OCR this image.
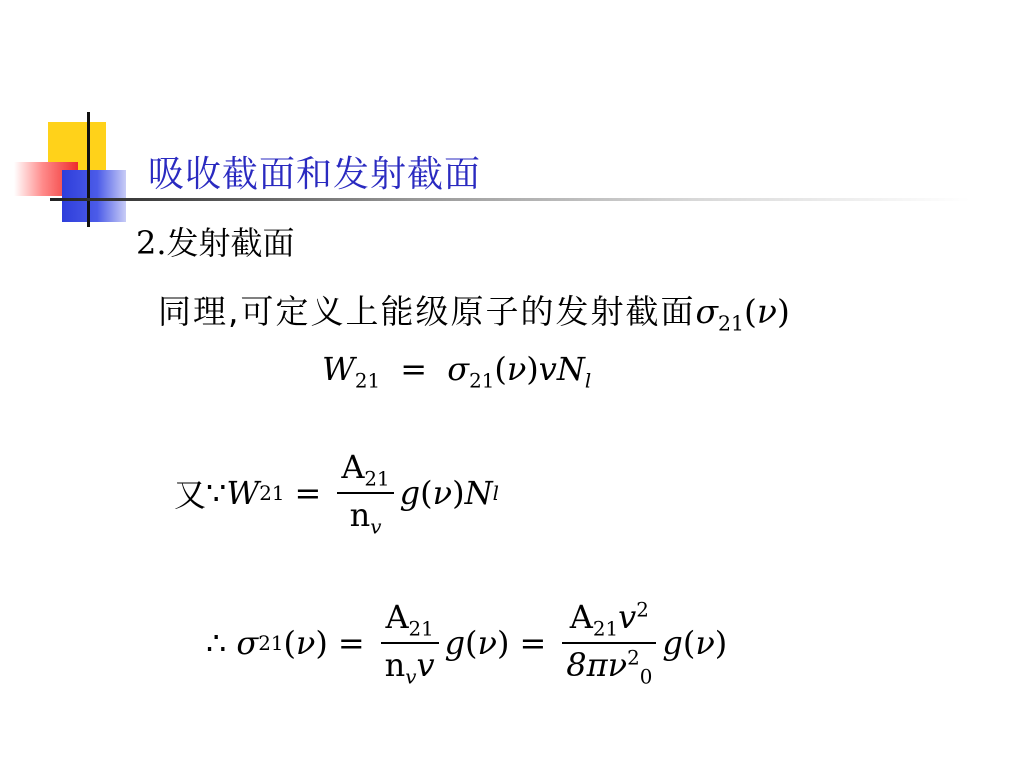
吸收截面和发射截面
2.发射截面
同理,可定义上能级原子的发射截面$\sigma_{21}(\nu)$
$W_{21} = \sigma_{21}(\nu)vN_l$
又 ∵ W $21 = \frac{A_{21}}{n_v}$ g ( ν ) N l
∴ σ 21 ( ν ) = $\frac{A_{21}}{n_vv}$ g ( ν ) = $\frac{A_{21}v^2}{8\pi\nu^2_0}$ g ( ν )
